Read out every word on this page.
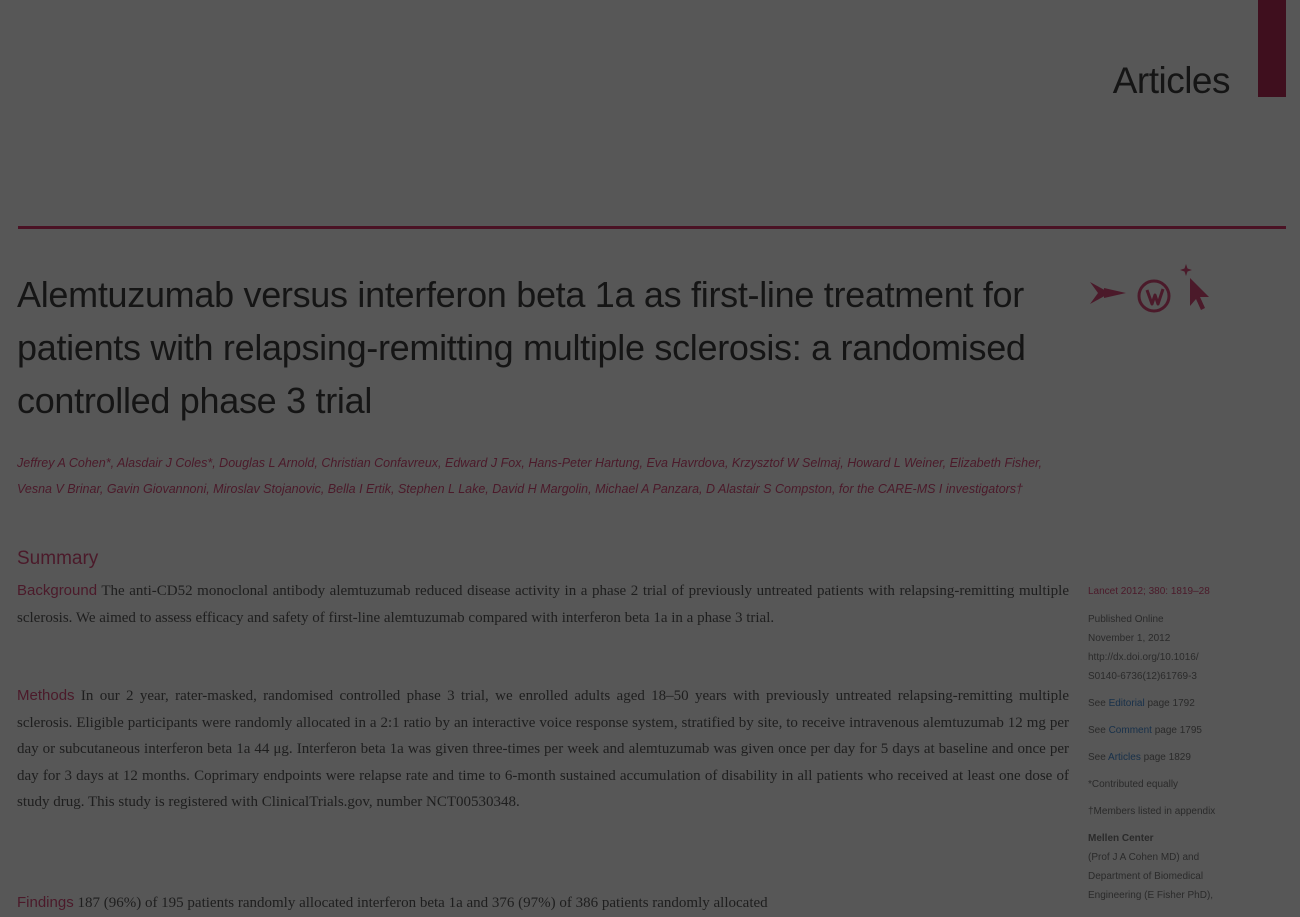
Articles
Alemtuzumab versus interferon beta 1a as first-line treatment for patients with relapsing-remitting multiple sclerosis: a randomised controlled phase 3 trial
Jeffrey A Cohen*, Alasdair J Coles*, Douglas L Arnold, Christian Confavreux, Edward J Fox, Hans-Peter Hartung, Eva Havrdova, Krzysztof W Selmaj, Howard L Weiner, Elizabeth Fisher, Vesna V Brinar, Gavin Giovannoni, Miroslav Stojanovic, Bella I Ertik, Stephen L Lake, David H Margolin, Michael A Panzara, D Alastair S Compston, for the CARE-MS I investigators†
Summary

Background The anti-CD52 monoclonal antibody alemtuzumab reduced disease activity in a phase 2 trial of previously untreated patients with relapsing-remitting multiple sclerosis. We aimed to assess efficacy and safety of first-line alemtuzumab compared with interferon beta 1a in a phase 3 trial.

Methods In our 2 year, rater-masked, randomised controlled phase 3 trial, we enrolled adults aged 18–50 years with previously untreated relapsing-remitting multiple sclerosis. Eligible participants were randomly allocated in a 2:1 ratio by an interactive voice response system, stratified by site, to receive intravenous alemtuzumab 12 mg per day or subcutaneous interferon beta 1a 44 μg. Interferon beta 1a was given three-times per week and alemtuzumab was given once per day for 5 days at baseline and once per day for 3 days at 12 months. Coprimary endpoints were relapse rate and time to 6-month sustained accumulation of disability in all patients who received at least one dose of study drug. This study is registered with ClinicalTrials.gov, number NCT00530348.

Findings 187 (96%) of 195 patients randomly allocated interferon beta 1a and 376 (97%) of 386 patients randomly allocated

Lancet 2012; 380: 1819–28
Published Online
November 1, 2012
http://dx.doi.org/10.1016/
S0140-6736(12)61769-3
See Editorial page 1792
See Comment page 1795
See Articles page 1829
*Contributed equally
†Members listed in appendix
Mellen Center
(Prof J A Cohen MD) and
Department of Biomedical
Engineering (E Fisher PhD),
